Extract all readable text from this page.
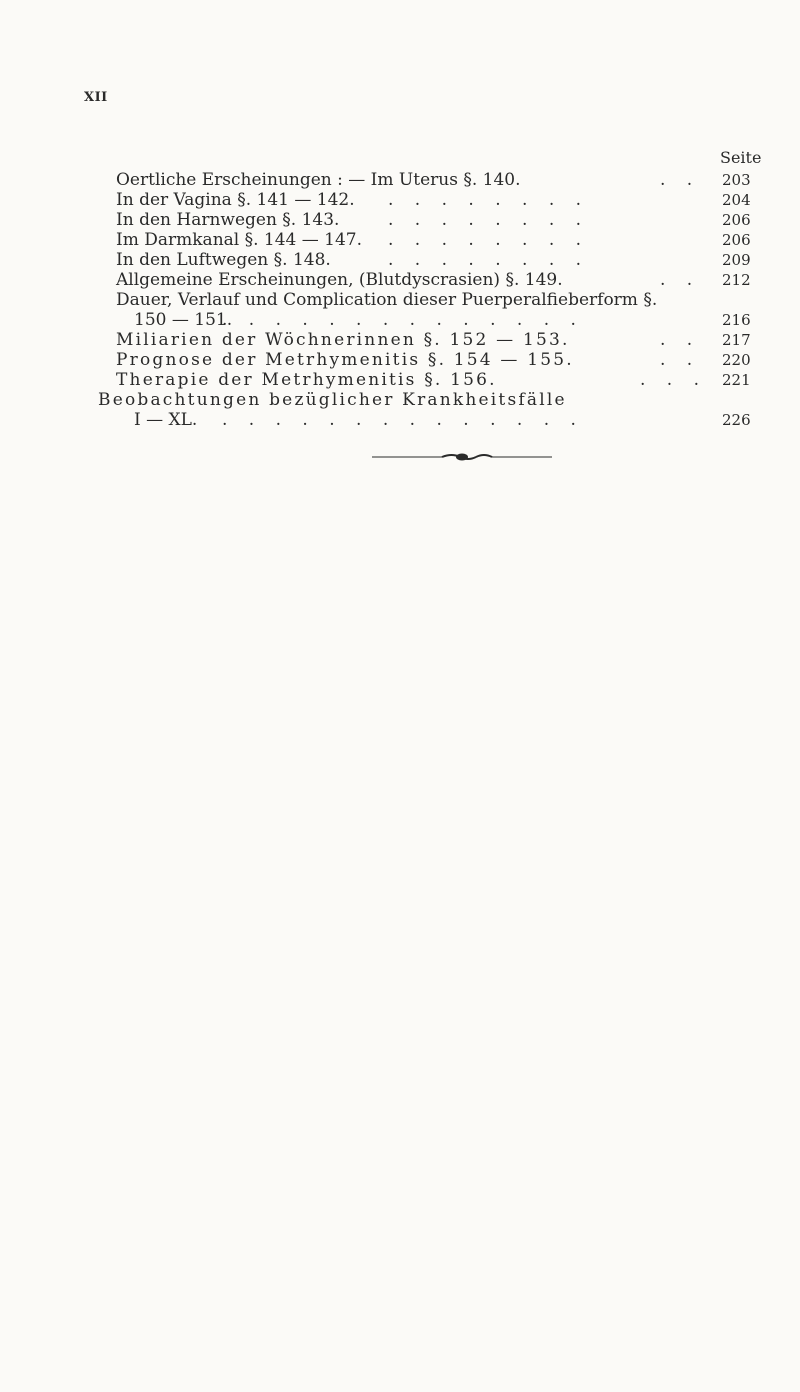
XII
Seite
Oertliche Erscheinungen : — Im Uterus §. 140.	. . 203
In der Vagina §. 141 — 142. . . . . . . . .	204
In den Harnwegen §. 143.	. . . . . . . .	206
Im Darmkanal §. 144 — 147. . . . . . . . .	206
In den Luftwegen §. 148.	. . . . . . . .	209
Allgemeine Erscheinungen, (Blutdyscrasien) §. 149.	. . 212
Dauer, Verlauf und Complication dieser Puerperalfieberform §.
150 — 151.
. . . . . . . . . . . . . .	216
Miliarien der Wöchnerinnen §. 152 — 153.	. . 217
Prognose der Metrhymenitis §. 154 — 155.	. . 220
Therapie der Metrhymenitis §. 156.	. . . 221
Beobachtungen bezüglicher Krankheitsfälle
I — XL. . . . . . . . . . . . . . .	226
